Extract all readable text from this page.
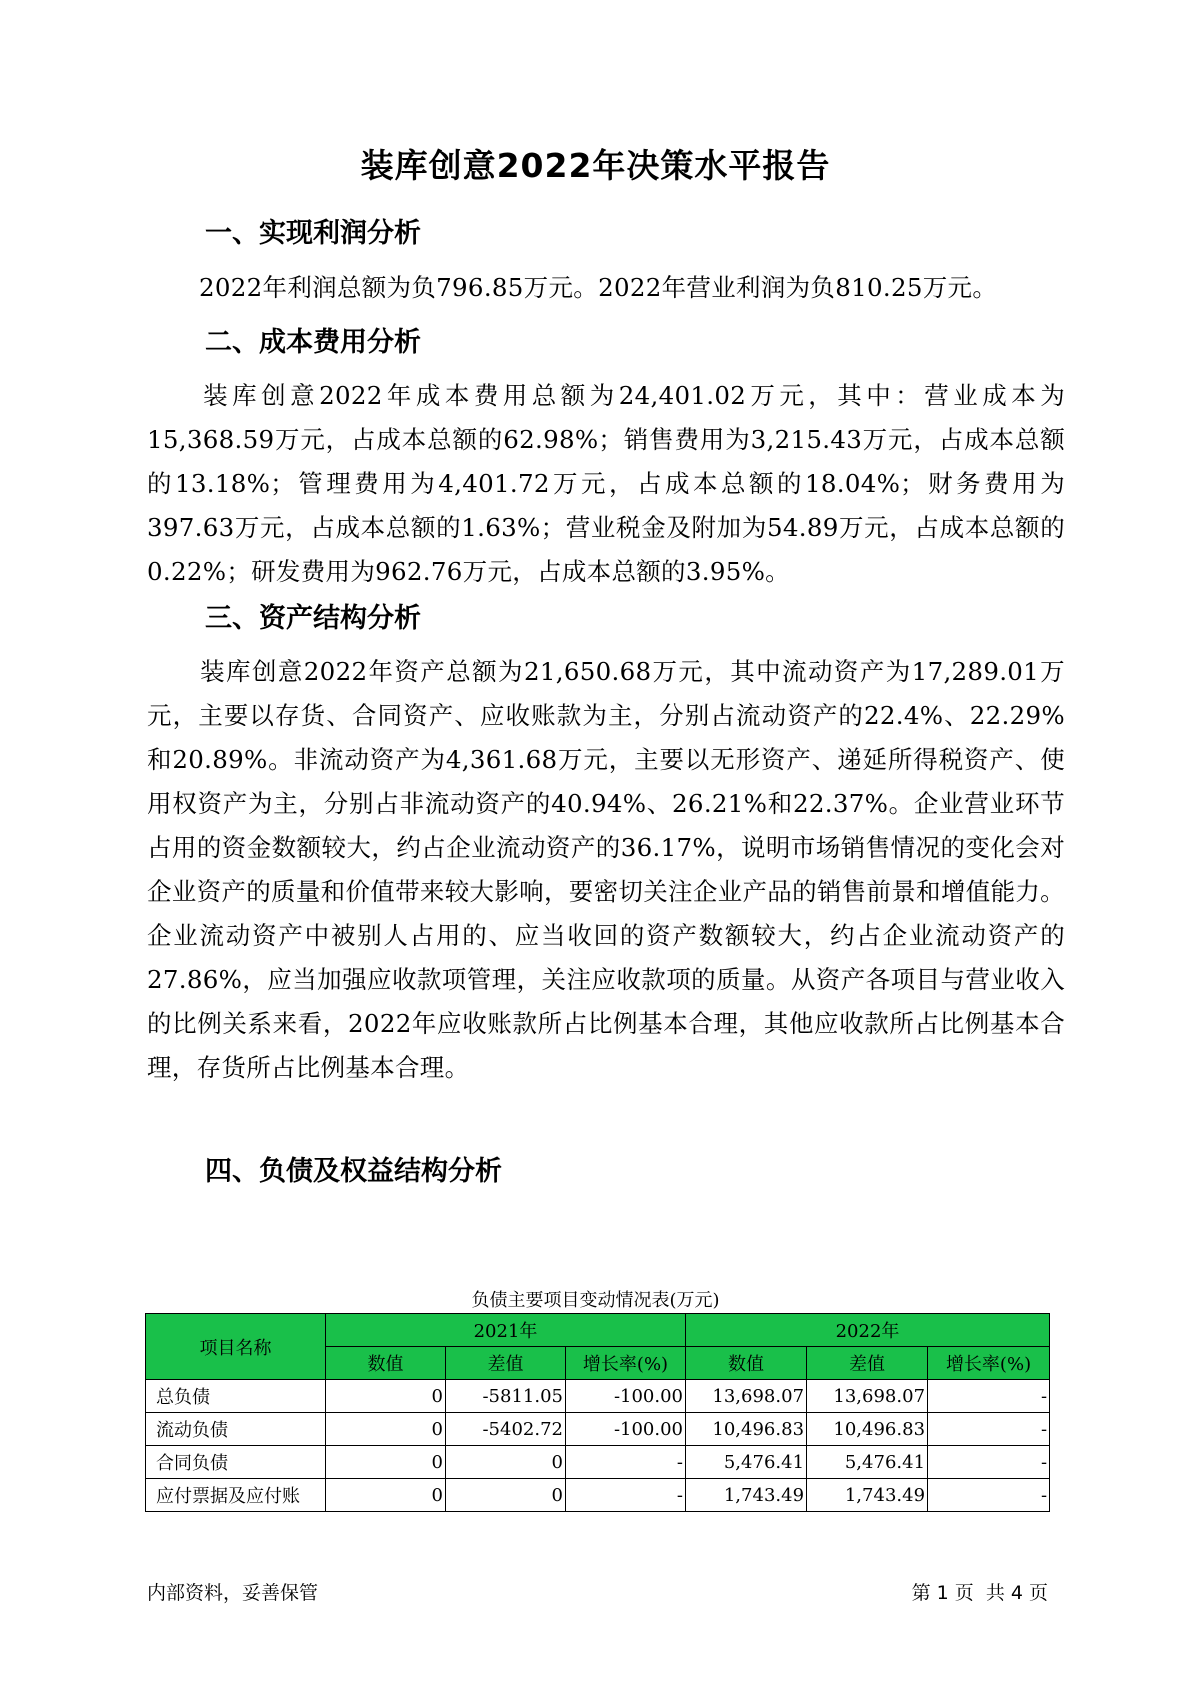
装库创意2022年决策水平报告
一、实现利润分析

2022年利润总额为负796.85万元。2022年营业利润为负810.25万元。

二、成本费用分析

装库创意2022年成本费用总额为24,401.02万元，其中：营业成本为15,368.59万元，占成本总额的62.98%；销售费用为3,215.43万元，占成本总额的13.18%；管理费用为4,401.72万元，占成本总额的18.04%；财务费用为397.63万元，占成本总额的1.63%；营业税金及附加为54.89万元，占成本总额的0.22%；研发费用为962.76万元，占成本总额的3.95%。

三、资产结构分析

装库创意2022年资产总额为21,650.68万元，其中流动资产为17,289.01万元，主要以存货、合同资产、应收账款为主，分别占流动资产的22.4%、22.29%和20.89%。非流动资产为4,361.68万元，主要以无形资产、递延所得税资产、使用权资产为主，分别占非流动资产的40.94%、26.21%和22.37%。企业营业环节占用的资金数额较大，约占企业流动资产的36.17%，说明市场销售情况的变化会对企业资产的质量和价值带来较大影响，要密切关注企业产品的销售前景和增值能力。企业流动资产中被别人占用的、应当收回的资产数额较大，约占企业流动资产的27.86%，应当加强应收款项管理，关注应收款项的质量。从资产各项目与营业收入的比例关系来看，2022年应收账款所占比例基本合理，其他应收款所占比例基本合理，存货所占比例基本合理。

四、负债及权益结构分析
负债主要项目变动情况表(万元)
项目名称	2021年			2022年		
	数值	差值	增长率(%)	数值	差值	增长率(%)
总负债	0	-5811.05	-100.00	13,698.07	13,698.07	-
流动负债	0	-5402.72	-100.00	10,496.83	10,496.83	-
合同负债	0	0	-	5,476.41	5,476.41	-
应付票据及应付账	0	0	-	1,743.49	1,743.49	-
内部资料，妥善保管	第 1 页  共 4 页
